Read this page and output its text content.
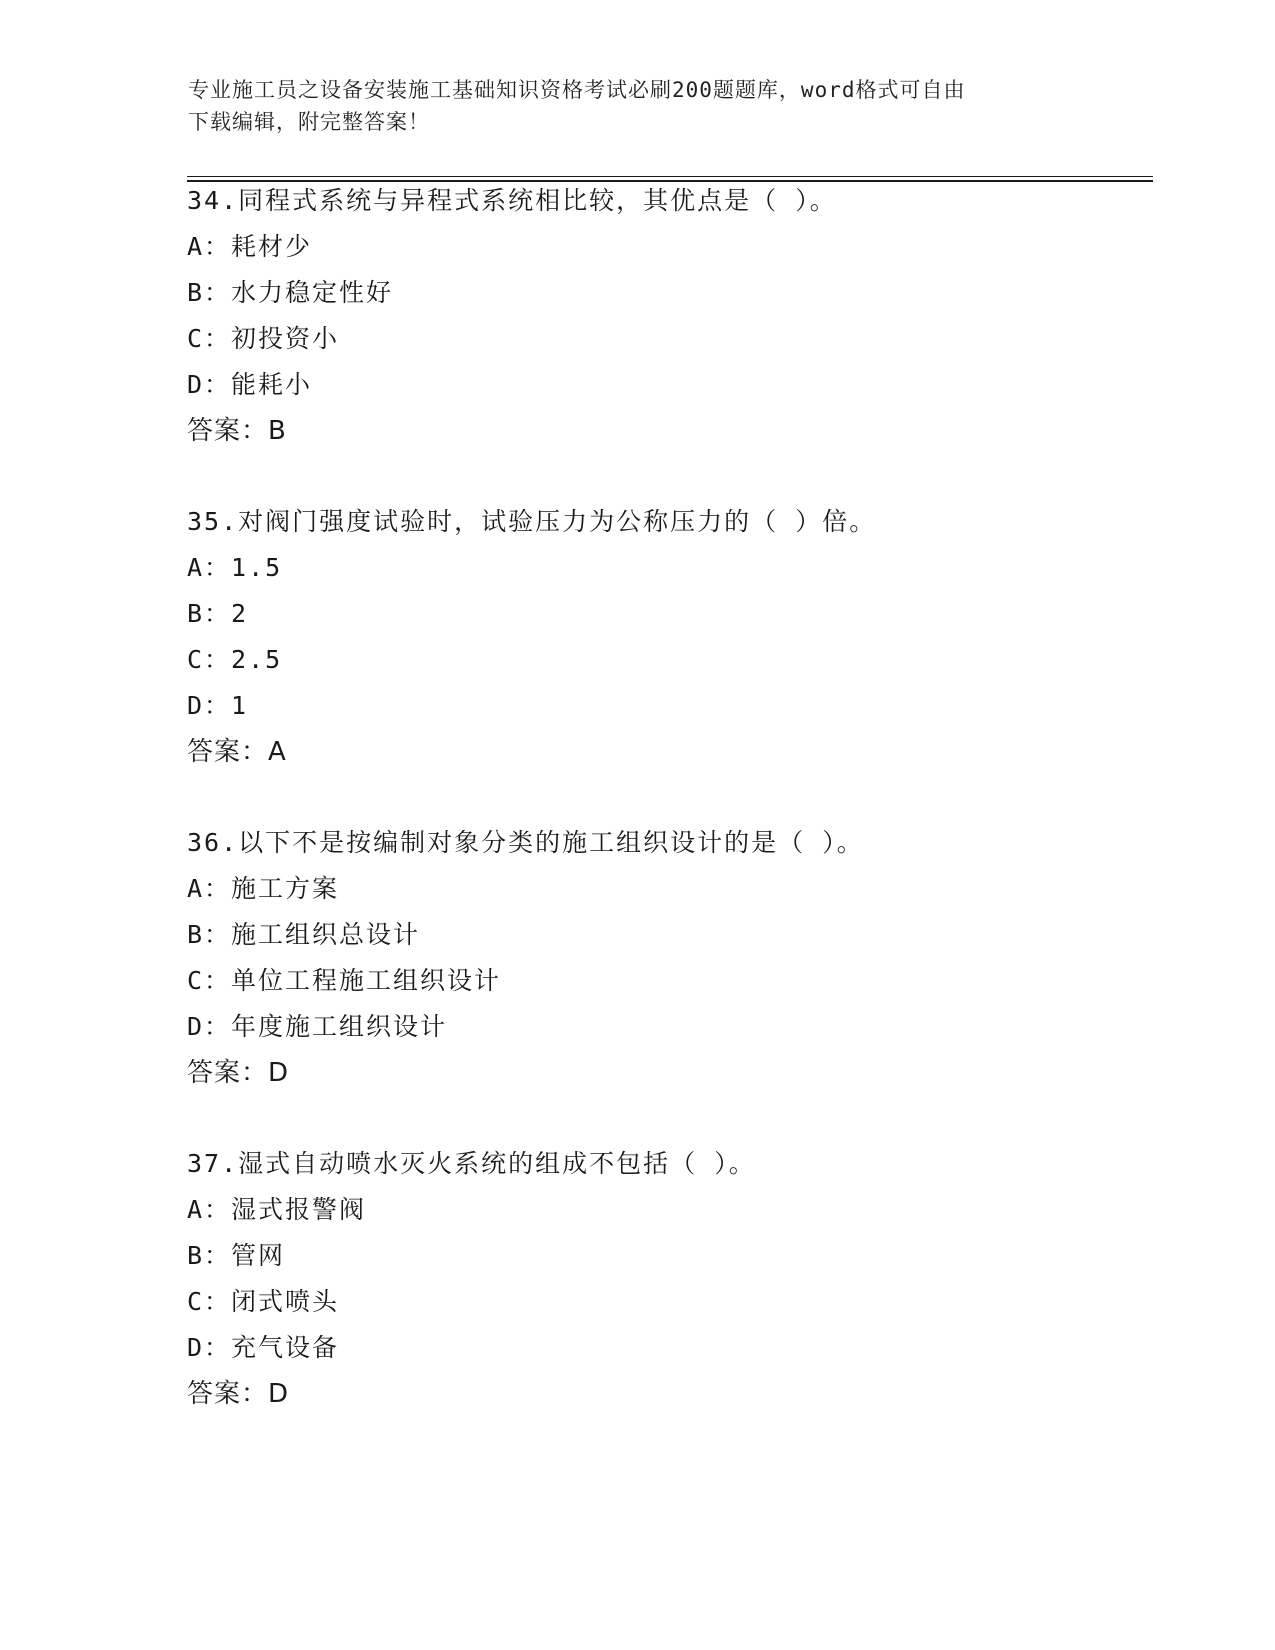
专业施工员之设备安装施工基础知识资格考试必刷200题题库，word格式可自由
下载编辑，附完整答案！
34.同程式系统与异程式系统相比较，其优点是（ ）。
A：耗材少
B：水力稳定性好
C：初投资小
D：能耗小
答案 ： B
35.对阀门强度试验时，试验压力为公称压力的（ ）倍。
A：1.5
B：2
C：2.5
D：1
答案 ： A
36.以下不是按编制对象分类的施工组织设计的是（ ）。
A：施工方案
B：施工组织总设计
C：单位工程施工组织设计
D：年度施工组织设计
答案 ： D
37.湿式自动喷水灭火系统的组成不包括（ ）。
A：湿式报警阀
B：管网
C：闭式喷头
D：充气设备
答案 ： D
